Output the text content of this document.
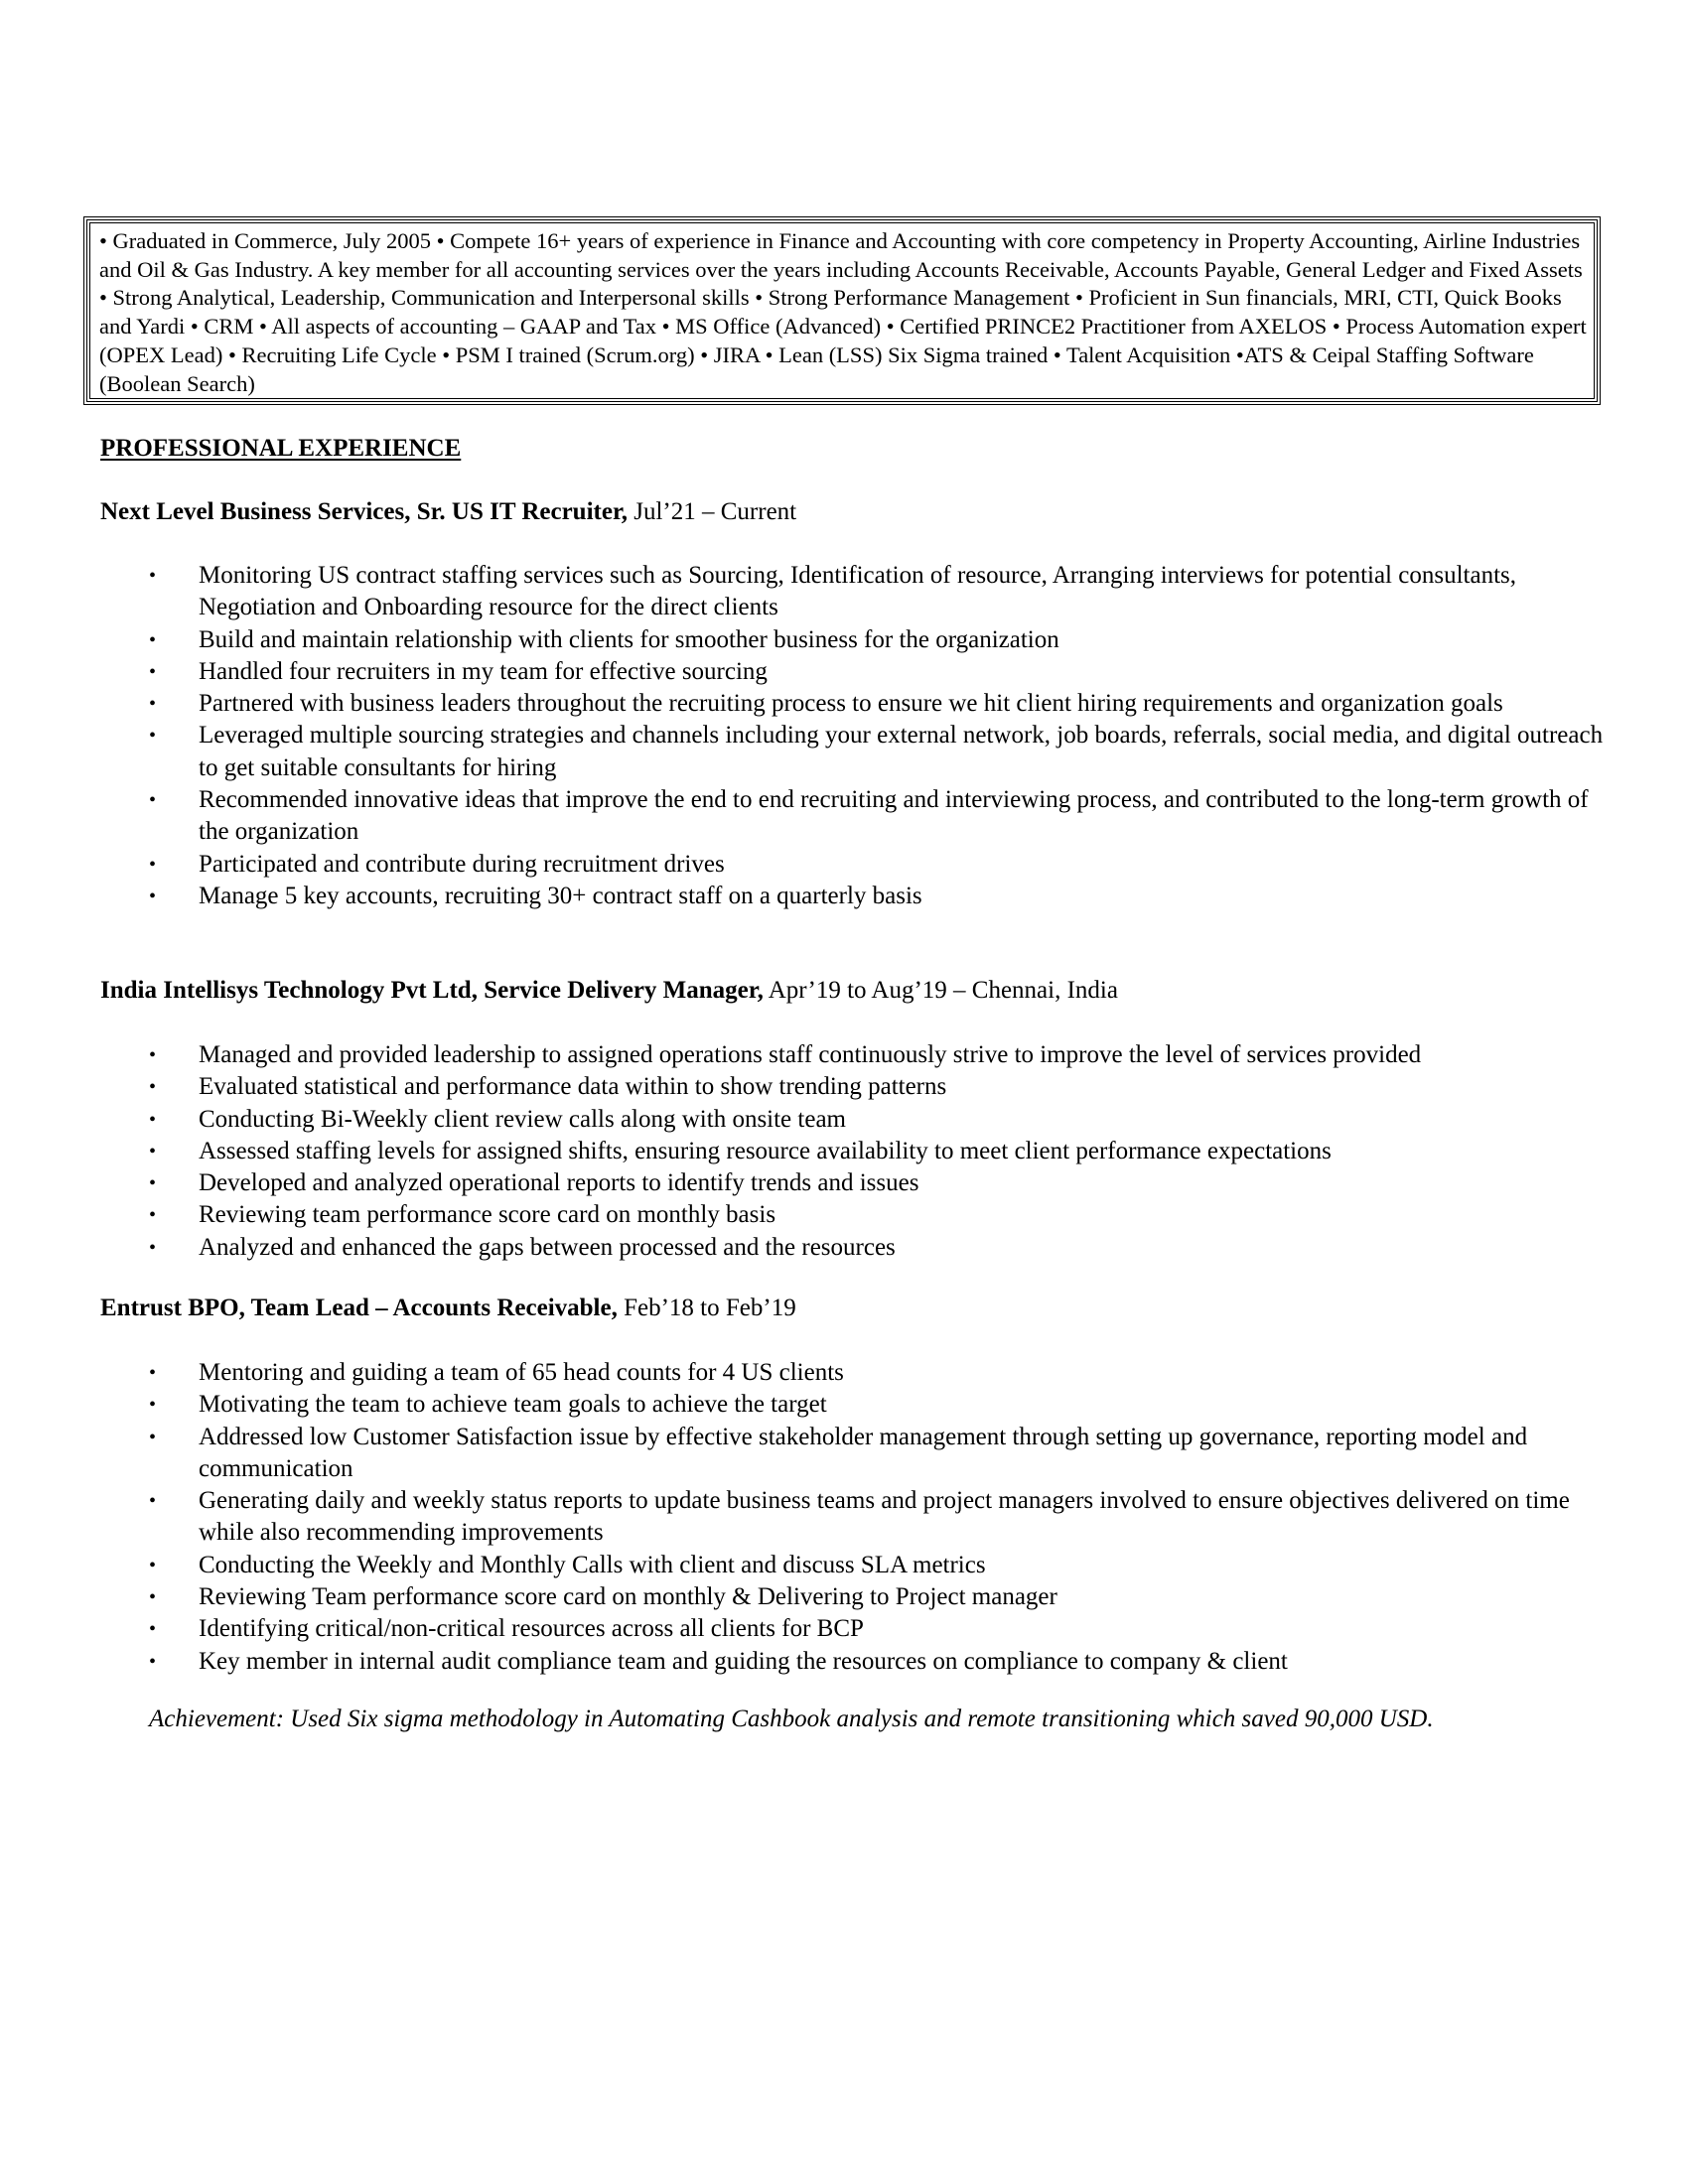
• Graduated in Commerce, July 2005 • Compete 16+ years of experience in Finance and Accounting with core competency in Property Accounting, Airline Industries and Oil & Gas Industry. A key member for all accounting services over the years including Accounts Receivable, Accounts Payable, General Ledger and Fixed Assets • Strong Analytical, Leadership, Communication and Interpersonal skills • Strong Performance Management • Proficient in Sun financials, MRI, CTI, Quick Books and Yardi • CRM • All aspects of accounting – GAAP and Tax • MS Office (Advanced) • Certified PRINCE2 Practitioner from AXELOS • Process Automation expert (OPEX Lead) • Recruiting Life Cycle • PSM I trained (Scrum.org) • JIRA • Lean (LSS) Six Sigma trained • Talent Acquisition •ATS & Ceipal Staffing Software (Boolean Search)
PROFESSIONAL EXPERIENCE
Next Level Business Services, Sr. US IT Recruiter, Jul’21 – Current
• Monitoring US contract staffing services such as Sourcing, Identification of resource, Arranging interviews for potential consultants, Negotiation and Onboarding resource for the direct clients
• Build and maintain relationship with clients for smoother business for the organization
• Handled four recruiters in my team for effective sourcing
• Partnered with business leaders throughout the recruiting process to ensure we hit client hiring requirements and organization goals
• Leveraged multiple sourcing strategies and channels including your external network, job boards, referrals, social media, and digital outreach to get suitable consultants for hiring
• Recommended innovative ideas that improve the end to end recruiting and interviewing process, and contributed to the long-term growth of the organization
• Participated and contribute during recruitment drives
• Manage 5 key accounts, recruiting 30+ contract staff on a quarterly basis
India Intellisys Technology Pvt Ltd, Service Delivery Manager, Apr’19 to Aug’19 – Chennai, India
• Managed and provided leadership to assigned operations staff continuously strive to improve the level of services provided
• Evaluated statistical and performance data within to show trending patterns
• Conducting Bi-Weekly client review calls along with onsite team
• Assessed staffing levels for assigned shifts, ensuring resource availability to meet client performance expectations
• Developed and analyzed operational reports to identify trends and issues
• Reviewing team performance score card on monthly basis
• Analyzed and enhanced the gaps between processed and the resources
Entrust BPO, Team Lead – Accounts Receivable, Feb’18 to Feb’19
• Mentoring and guiding a team of 65 head counts for 4 US clients
• Motivating the team to achieve team goals to achieve the target
• Addressed low Customer Satisfaction issue by effective stakeholder management through setting up governance, reporting model and communication
• Generating daily and weekly status reports to update business teams and project managers involved to ensure objectives delivered on time while also recommending improvements
• Conducting the Weekly and Monthly Calls with client and discuss SLA metrics
• Reviewing Team performance score card on monthly & Delivering to Project manager
• Identifying critical/non-critical resources across all clients for BCP
• Key member in internal audit compliance team and guiding the resources on compliance to company & client
Achievement: Used Six sigma methodology in Automating Cashbook analysis and remote transitioning which saved 90,000 USD.
